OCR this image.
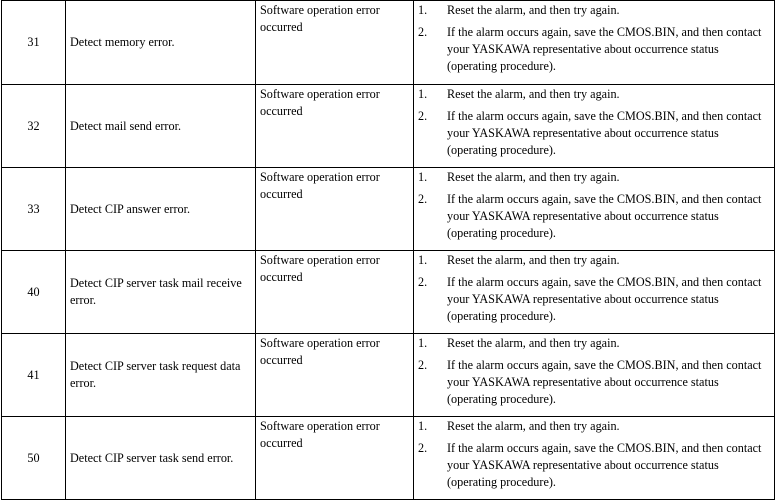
31	Detect memory error.	Software operation error occurred	1. Reset the alarm, and then try again.
2. If the alarm occurs again, save the CMOS.BIN, and then contact your YASKAWA representative about occurrence status (operating procedure).

32	Detect mail send error.	Software operation error occurred	1. Reset the alarm, and then try again.
2. If the alarm occurs again, save the CMOS.BIN, and then contact your YASKAWA representative about occurrence status (operating procedure).

33	Detect CIP answer error.	Software operation error occurred	1. Reset the alarm, and then try again.
2. If the alarm occurs again, save the CMOS.BIN, and then contact your YASKAWA representative about occurrence status (operating procedure).

40	Detect CIP server task mail receive error.	Software operation error occurred	1. Reset the alarm, and then try again.
2. If the alarm occurs again, save the CMOS.BIN, and then contact your YASKAWA representative about occurrence status (operating procedure).

41	Detect CIP server task request data error.	Software operation error occurred	1. Reset the alarm, and then try again.
2. If the alarm occurs again, save the CMOS.BIN, and then contact your YASKAWA representative about occurrence status (operating procedure).

50	Detect CIP server task send error.	Software operation error occurred	1. Reset the alarm, and then try again.
2. If the alarm occurs again, save the CMOS.BIN, and then contact your YASKAWA representative about occurrence status (operating procedure).
